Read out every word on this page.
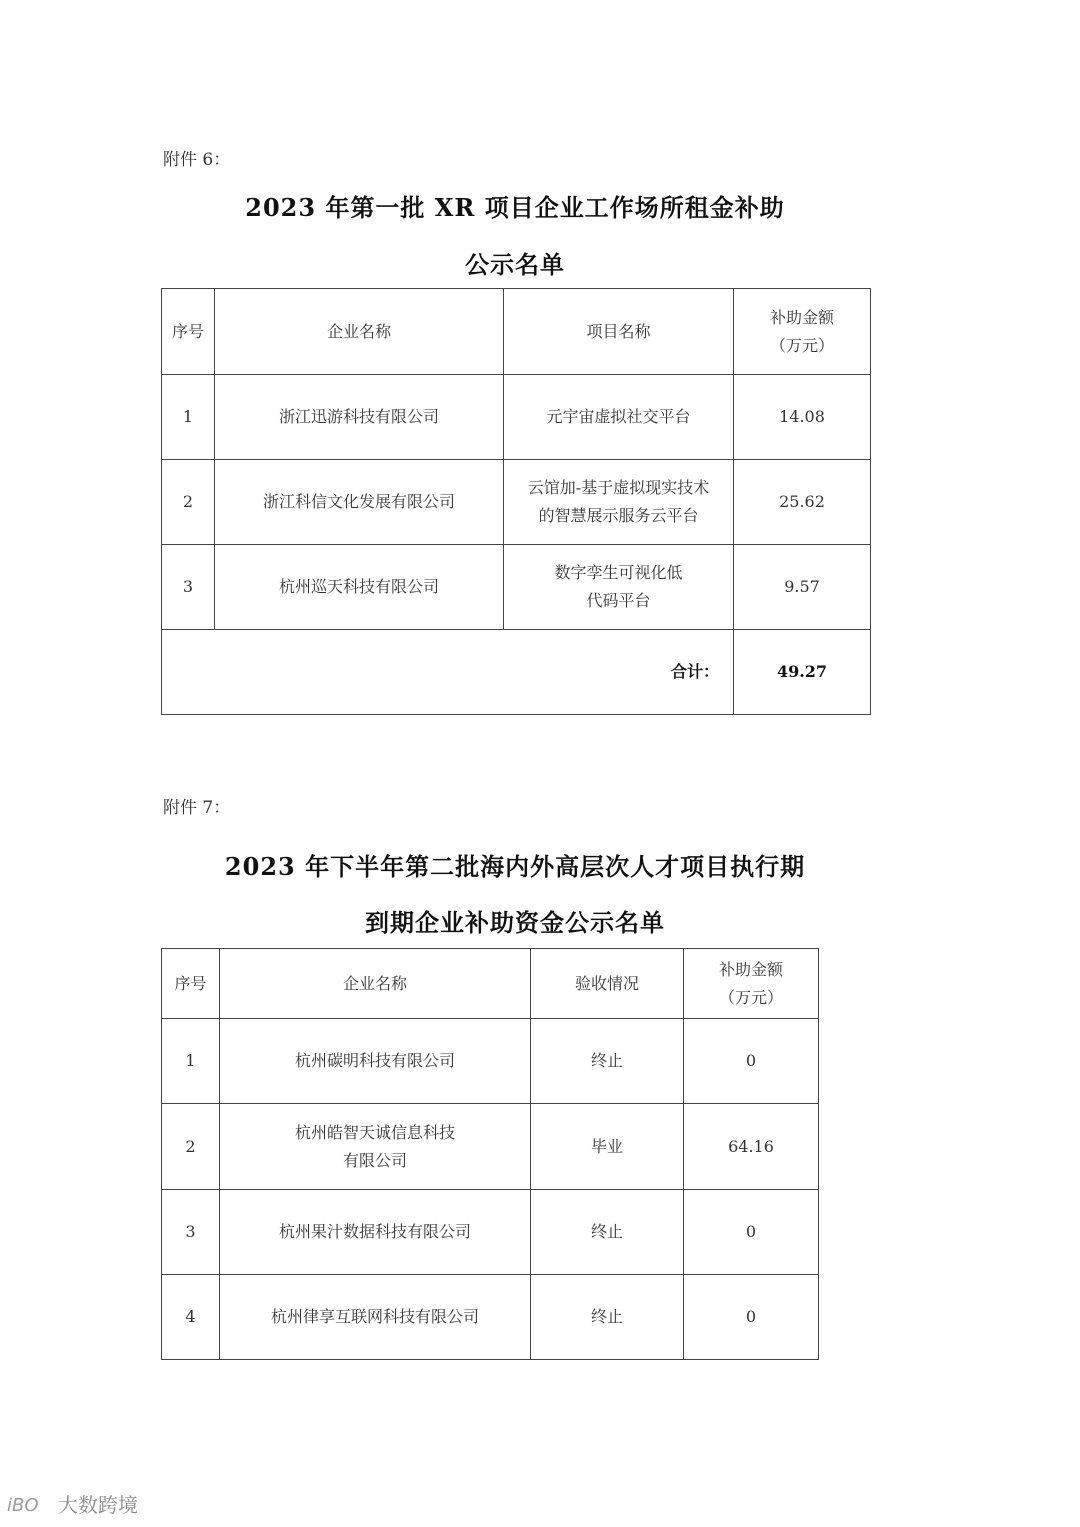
附件 6：
2023 年第一批 XR 项目企业工作场所租金补助
公示名单
序号	企业名称	项目名称	补助金额
（万元）
1	浙江迅游科技有限公司	元宇宙虚拟社交平台	14.08
2	浙江科信文化发展有限公司	云馆加-基于虚拟现实技术
的智慧展示服务云平台	25.62
3	杭州巡天科技有限公司	数字孪生可视化低
代码平台	9.57
合计：			49.27
附件 7：
2023 年下半年第二批海内外高层次人才项目执行期
到期企业补助资金公示名单
序号	企业名称	验收情况	补助金额
（万元）
1	杭州碳明科技有限公司	终止	0
2	杭州皓智天诚信息科技
有限公司	毕业	64.16
3	杭州果汁数据科技有限公司	终止	0
4	杭州律享互联网科技有限公司	终止	0
iBO 大数跨境
